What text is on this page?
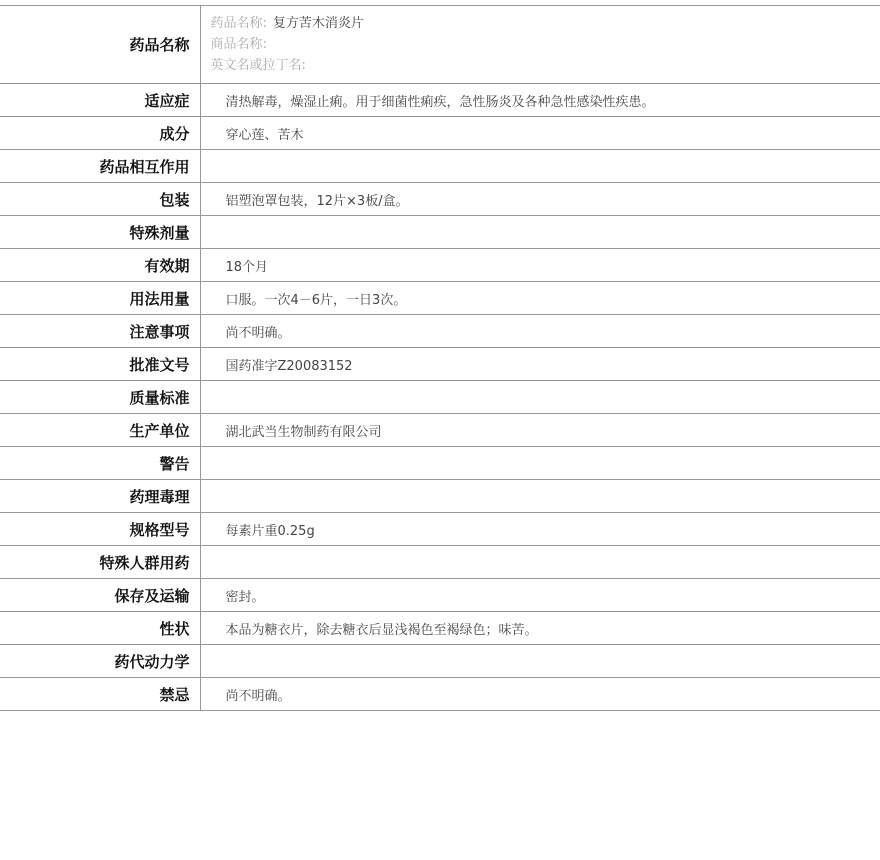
药品名称	药品名称: 复方苦木消炎片
商品名称:
英文名或拉丁名:

适应症	清热解毒，燥湿止痢。用于细菌性痢疾，急性肠炎及各种急性感染性疾患。
成分	穿心莲、苦木
药品相互作用	
包装	铝塑泡罩包装，12片×3板/盒。
特殊剂量	
有效期	18个月
用法用量	口服。一次4－6片，一日3次。
注意事项	尚不明确。
批准文号	国药准字Z20083152
质量标准	
生产单位	湖北武当生物制药有限公司
警告	
药理毒理	
规格型号	每素片重0.25g
特殊人群用药	
保存及运输	密封。
性状	本品为糖衣片，除去糖衣后显浅褐色至褐绿色；味苦。
药代动力学	
禁忌	尚不明确。
